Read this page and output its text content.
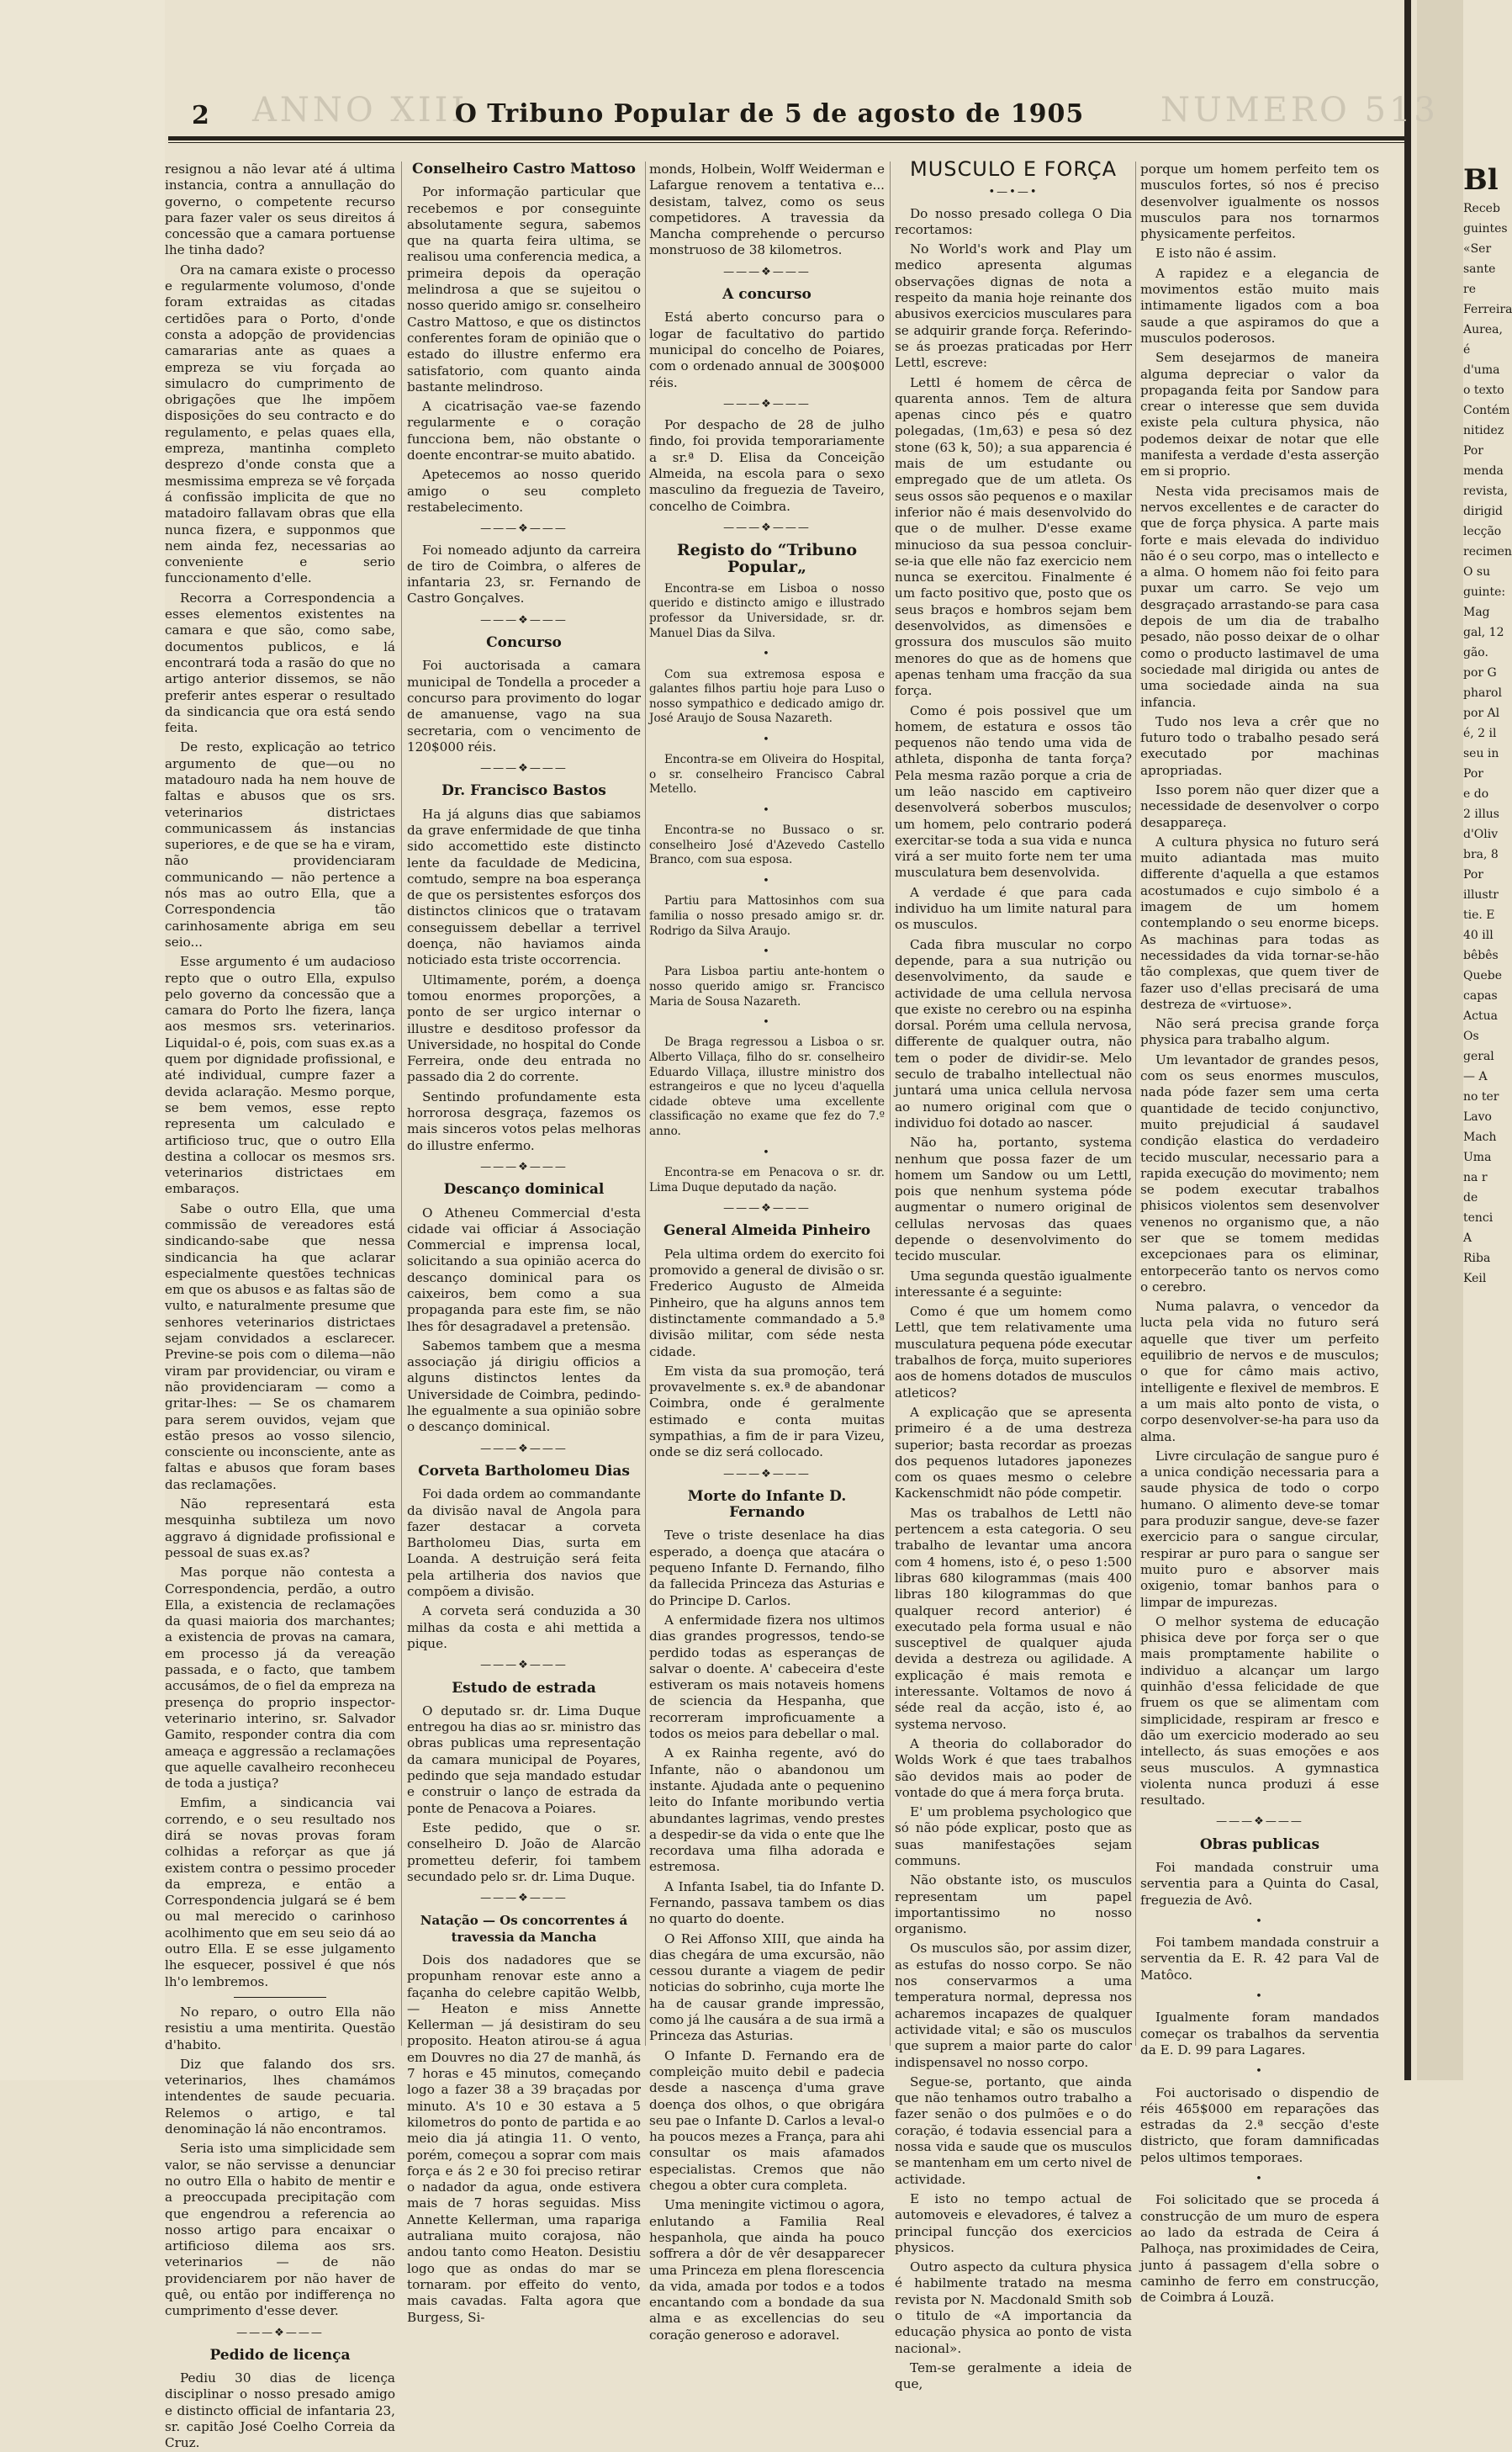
ANNO XIII	NUMERO 513
2	O Tribuno Popular de 5 de agosto de 1905

resignou a não levar até á ultima instancia, contra a annullação do governo, o competente recurso para fazer valer os seus direitos á concessão que a camara portuense lhe tinha dado?

Ora na camara existe o processo e regularmente volumoso, d'onde foram extraidas as citadas certidões para o Porto, d'onde consta a adopção de providencias camararias ante as quaes a empreza se viu forçada ao simulacro do cumprimento de obrigações que lhe impõem disposições do seu contracto e do regulamento, e pelas quaes ella, empreza, mantinha completo desprezo d'onde consta que a mesmissima empreza se vê forçada á confissão implicita de que no matadoiro fallavam obras que ella nunca fizera, e supponmos que nem ainda fez, necessarias ao conveniente e serio funccionamento d'elle.

Recorra a Correspondencia a esses elementos existentes na camara e que são, como sabe, documentos publicos, e lá encontrará toda a rasão do que no artigo anterior dissemos, se não preferir antes esperar o resultado da sindicancia que ora está sendo feita.

De resto, explicação ao tetrico argumento de que—ou no matadouro nada ha nem houve de faltas e abusos que os srs. veterinarios districtaes communicassem ás instancias superiores, e de que se ha e viram, não providenciaram communicando — não pertence a nós mas ao outro Ella, que a Correspondencia tão carinhosamente abriga em seu seio...

Esse argumento é um audacioso repto que o outro Ella, expulso pelo governo da concessão que a camara do Porto lhe fizera, lança aos mesmos srs. veterinarios. Liquidal-o é, pois, com suas ex.as a quem por dignidade profissional, e até individual, cumpre fazer a devida aclaração. Mesmo porque, se bem vemos, esse repto representa um calculado e artificioso truc, que o outro Ella destina a collocar os mesmos srs. veterinarios districtaes em embaraços.

Sabe o outro Ella, que uma commissão de vereadores está sindicando-sabe que nessa sindicancia ha que aclarar especialmente questões technicas em que os abusos e as faltas são de vulto, e naturalmente presume que senhores veterinarios districtaes sejam convidados a esclarecer. Previne-se pois com o dilema—não viram par providenciar, ou viram e não providenciaram — como a gritar-lhes: — Se os chamarem para serem ouvidos, vejam que estão presos ao vosso silencio, consciente ou inconsciente, ante as faltas e abusos que foram bases das reclamações.

Não representará esta mesquinha subtileza um novo aggravo á dignidade profissional e pessoal de suas ex.as?

Mas porque não contesta a Correspondencia, perdão, a outro Ella, a existencia de reclamações da quasi maioria dos marchantes; a existencia de provas na camara, em processo já da vereação passada, e o facto, que tambem accusámos, de o fiel da empreza na presença do proprio inspector-veterinario interino, sr. Salvador Gamito, responder contra dia com ameaça e aggressão a reclamações que aquelle cavalheiro reconheceu de toda a justiça?

Emfim, a sindicancia vai correndo, e o seu resultado nos dirá se novas provas foram colhidas a reforçar as que já existem contra o pessimo proceder da empreza, e então a Correspondencia julgará se é bem ou mal merecido o carinhoso acolhimento que em seu seio dá ao outro Ella. E se esse julgamento lhe esquecer, possivel é que nós lh'o lembremos.

No reparo, o outro Ella não resistiu a uma mentirita. Questão d'habito.

Diz que falando dos srs. veterinarios, lhes chamámos intendentes de saude pecuaria. Relemos o artigo, e tal denominação lá não encontramos.

Seria isto uma simplicidade sem valor, se não servisse a denunciar no outro Ella o habito de mentir e a preoccupada precipitação com que engendrou a referencia ao nosso artigo para encaixar o artificioso dilema aos srs. veterinarios — de não providenciarem por não haver de quê, ou então por indifferença no cumprimento d'esse dever.

———❖———
Pedido de licença

Pediu 30 dias de licença disciplinar o nosso presado amigo e distincto official de infantaria 23, sr. capitão José Coelho Correia da Cruz.

Conselheiro Castro Mattoso

Por informação particular que recebemos e por conseguinte absolutamente segura, sabemos que na quarta feira ultima, se realisou uma conferencia medica, a primeira depois da operação melindrosa a que se sujeitou o nosso querido amigo sr. conselheiro Castro Mattoso, e que os distinctos conferentes foram de opinião que o estado do illustre enfermo era satisfatorio, com quanto ainda bastante melindroso.

A cicatrisação vae-se fazendo regularmente e o coração funcciona bem, não obstante o doente encontrar-se muito abatido.

Apetecemos ao nosso querido amigo o seu completo restabelecimento.

———❖———

Foi nomeado adjunto da carreira de tiro de Coimbra, o alferes de infantaria 23, sr. Fernando de Castro Gonçalves.

———❖———
Concurso

Foi auctorisada a camara municipal de Tondella a proceder a concurso para provimento do logar de amanuense, vago na sua secretaria, com o vencimento de 120$000 réis.

———❖———
Dr. Francisco Bastos

Ha já alguns dias que sabiamos da grave enfermidade de que tinha sido accomettido este distincto lente da faculdade de Medicina, comtudo, sempre na boa esperança de que os persistentes esforços dos distinctos clinicos que o tratavam conseguissem debellar a terrivel doença, não haviamos ainda noticiado esta triste occorrencia.

Ultimamente, porém, a doença tomou enormes proporções, a ponto de ser urgico internar o illustre e desditoso professor da Universidade, no hospital do Conde Ferreira, onde deu entrada no passado dia 2 do corrente.

Sentindo profundamente esta horrorosa desgraça, fazemos os mais sinceros votos pelas melhoras do illustre enfermo.

———❖———
Descanço dominical

O Atheneu Commercial d'esta cidade vai officiar á Associação Commercial e imprensa local, solicitando a sua opinião acerca do descanço dominical para os caixeiros, bem como a sua propaganda para este fim, se não lhes fôr desagradavel a pretensão.

Sabemos tambem que a mesma associação já dirigiu officios a alguns distinctos lentes da Universidade de Coimbra, pedindo-lhe egualmente a sua opinião sobre o descanço dominical.

———❖———
Corveta Bartholomeu Dias

Foi dada ordem ao commandante da divisão naval de Angola para fazer destacar a corveta Bartholomeu Dias, surta em Loanda. A destruição será feita pela artilheria dos navios que compõem a divisão.

A corveta será conduzida a 30 milhas da costa e ahi mettida a pique.

———❖———
Estudo de estrada

O deputado sr. dr. Lima Duque entregou ha dias ao sr. ministro das obras publicas uma representação da camara municipal de Poyares, pedindo que seja mandado estudar e construir o lanço de estrada da ponte de Penacova a Poiares.

Este pedido, que o sr. conselheiro D. João de Alarcão prometteu deferir, foi tambem secundado pelo sr. dr. Lima Duque.

———❖———
Natação — Os concorrentes á travessia da Mancha

Dois dos nadadores que se propunham renovar este anno a façanha do celebre capitão Welbb, — Heaton e miss Annette Kellerman — já desistiram do seu proposito. Heaton atirou-se á agua em Douvres no dia 27 de manhã, ás 7 horas e 45 minutos, começando logo a fazer 38 a 39 braçadas por minuto. A's 10 e 30 estava a 5 kilometros do ponto de partida e ao meio dia já atingia 11. O vento, porém, começou a soprar com mais força e ás 2 e 30 foi preciso retirar o nadador da agua, onde estivera mais de 7 horas seguidas. Miss Annette Kellerman, uma rapariga autraliana muito corajosa, não andou tanto como Heaton. Desistiu logo que as ondas do mar se tornaram. por effeito do vento, mais cavadas. Falta agora que Burgess, Si-

monds, Holbein, Wolff Weiderman e Lafargue renovem a tentativa e... desistam, talvez, como os seus competidores. A travessia da Mancha comprehende o percurso monstruoso de 38 kilometros.

———❖———
A concurso

Está aberto concurso para o logar de facultativo do partido municipal do concelho de Poiares, com o ordenado annual de 300$000 réis.

———❖———

Por despacho de 28 de julho findo, foi provida temporariamente a sr.ª D. Elisa da Conceição Almeida, na escola para o sexo masculino da freguezia de Taveiro, concelho de Coimbra.

———❖———
Registo do “Tribuno Popular„

Encontra-se em Lisboa o nosso querido e distincto amigo e illustrado professor da Universidade, sr. dr. Manuel Dias da Silva.

•

Com sua extremosa esposa e galantes filhos partiu hoje para Luso o nosso sympathico e dedicado amigo dr. José Araujo de Sousa Nazareth.

•

Encontra-se em Oliveira do Hospital, o sr. conselheiro Francisco Cabral Metello.

•

Encontra-se no Bussaco o sr. conselheiro José d'Azevedo Castello Branco, com sua esposa.

•

Partiu para Mattosinhos com sua familia o nosso presado amigo sr. dr. Rodrigo da Silva Araujo.

•

Para Lisboa partiu ante-hontem o nosso querido amigo sr. Francisco Maria de Sousa Nazareth.

•

De Braga regressou a Lisboa o sr. Alberto Villaça, filho do sr. conselheiro Eduardo Villaça, illustre ministro dos estrangeiros e que no lyceu d'aquella cidade obteve uma excellente classificação no exame que fez do 7.º anno.

•

Encontra-se em Penacova o sr. dr. Lima Duque deputado da nação.

———❖———
General Almeida Pinheiro

Pela ultima ordem do exercito foi promovido a general de divisão o sr. Frederico Augusto de Almeida Pinheiro, que ha alguns annos tem distinctamente commandado a 5.ª divisão militar, com séde nesta cidade.

Em vista da sua promoção, terá provavelmente s. ex.ª de abandonar Coimbra, onde é geralmente estimado e conta muitas sympathias, a fim de ir para Vizeu, onde se diz será collocado.

———❖———
Morte do Infante D. Fernando

Teve o triste desenlace ha dias esperado, a doença que atacára o pequeno Infante D. Fernando, filho da fallecida Princeza das Asturias e do Principe D. Carlos.

A enfermidade fizera nos ultimos dias grandes progressos, tendo-se perdido todas as esperanças de salvar o doente. A' cabeceira d'este estiveram os mais notaveis homens de sciencia da Hespanha, que recorreram improficuamente a todos os meios para debellar o mal.

A ex Rainha regente, avó do Infante, não o abandonou um instante. Ajudada ante o pequenino leito do Infante moribundo vertia abundantes lagrimas, vendo prestes a despedir-se da vida o ente que lhe recordava uma filha adorada e estremosa.

A Infanta Isabel, tia do Infante D. Fernando, passava tambem os dias no quarto do doente.

O Rei Affonso XIII, que ainda ha dias chegára de uma excursão, não cessou durante a viagem de pedir noticias do sobrinho, cuja morte lhe ha de causar grande impressão, como já lhe causára a de sua irmã a Princeza das Asturias.

O Infante D. Fernando era de compleição muito debil e padecia desde a nascença d'uma grave doença dos olhos, o que obrigára seu pae o Infante D. Carlos a leval-o ha poucos mezes a França, para ahi consultar os mais afamados especialistas. Cremos que não chegou a obter cura completa.

Uma meningite victimou o agora, enlutando a Familia Real hespanhola, que ainda ha pouco soffrera a dôr de vêr desapparecer uma Princeza em plena florescencia da vida, amada por todos e a todos encantando com a bondade da sua alma e as excellencias do seu coração generoso e adoravel.

MUSCULO E FORÇA
•—•—•

Do nosso presado collega O Dia recortamos:

No World's work and Play um medico apresenta algumas observações dignas de nota a respeito da mania hoje reinante dos abusivos exercicios musculares para se adquirir grande força. Referindo-se ás proezas praticadas por Herr Lettl, escreve:

Lettl é homem de cêrca de quarenta annos. Tem de altura apenas cinco pés e quatro polegadas, (1m,63) e pesa só dez stone (63 k, 50); a sua apparencia é mais de um estudante ou empregado que de um atleta. Os seus ossos são pequenos e o maxilar inferior não é mais desenvolvido do que o de mulher. D'esse exame minucioso da sua pessoa concluir-se-ia que elle não faz exercicio nem nunca se exercitou. Finalmente é um facto positivo que, posto que os seus braços e hombros sejam bem desenvolvidos, as dimensões e grossura dos musculos são muito menores do que as de homens que apenas tenham uma fracção da sua força.

Como é pois possivel que um homem, de estatura e ossos tão pequenos não tendo uma vida de athleta, disponha de tanta força? Pela mesma razão porque a cria de um leão nascido em captiveiro desenvolverá soberbos musculos; um homem, pelo contrario poderá exercitar-se toda a sua vida e nunca virá a ser muito forte nem ter uma musculatura bem desenvolvida.

A verdade é que para cada individuo ha um limite natural para os musculos.

Cada fibra muscular no corpo depende, para a sua nutrição ou desenvolvimento, da saude e actividade de uma cellula nervosa que existe no cerebro ou na espinha dorsal. Porém uma cellula nervosa, differente de qualquer outra, não tem o poder de dividir-se. Melo seculo de trabalho intellectual não juntará uma unica cellula nervosa ao numero original com que o individuo foi dotado ao nascer.

Não ha, portanto, systema nenhum que possa fazer de um homem um Sandow ou um Lettl, pois que nenhum systema póde augmentar o numero original de cellulas nervosas das quaes depende o desenvolvimento do tecido muscular.

Uma segunda questão igualmente interessante é a seguinte:

Como é que um homem como Lettl, que tem relativamente uma musculatura pequena póde executar trabalhos de força, muito superiores aos de homens dotados de musculos atleticos?

A explicação que se apresenta primeiro é a de uma destreza superior; basta recordar as proezas dos pequenos lutadores japonezes com os quaes mesmo o celebre Kackenschmidt não póde competir.

Mas os trabalhos de Lettl não pertencem a esta categoria. O seu trabalho de levantar uma ancora com 4 homens, isto é, o peso 1:500 libras 680 kilogrammas (mais 400 libras 180 kilogrammas do que qualquer record anterior) é executado pela forma usual e não susceptivel de qualquer ajuda devida a destreza ou agilidade. A explicação é mais remota e interessante. Voltamos de novo á séde real da acção, isto é, ao systema nervoso.

A theoria do collaborador do Wolds Work é que taes trabalhos são devidos mais ao poder de vontade do que á mera força bruta.

E' um problema psychologico que só não póde explicar, posto que as suas manifestações sejam communs.

Não obstante isto, os musculos representam um papel importantissimo no nosso organismo.

Os musculos são, por assim dizer, as estufas do nosso corpo. Se não nos conservarmos a uma temperatura normal, depressa nos acharemos incapazes de qualquer actividade vital; e são os musculos que suprem a maior parte do calor indispensavel no nosso corpo.

Segue-se, portanto, que ainda que não tenhamos outro trabalho a fazer senão o dos pulmões e o do coração, é todavia essencial para a nossa vida e saude que os musculos se mantenham em um certo nivel de actividade.

E isto no tempo actual de automoveis e elevadores, é talvez a principal funcção dos exercicios physicos.

Outro aspecto da cultura physica é habilmente tratado na mesma revista por N. Macdonald Smith sob o titulo de «A importancia da educação physica ao ponto de vista nacional».

Tem-se geralmente a ideia de que,

porque um homem perfeito tem os musculos fortes, só nos é preciso desenvolver igualmente os nossos musculos para nos tornarmos physicamente perfeitos.

E isto não é assim.

A rapidez e a elegancia de movimentos estão muito mais intimamente ligados com a boa saude a que aspiramos do que a musculos poderosos.

Sem desejarmos de maneira alguma depreciar o valor da propaganda feita por Sandow para crear o interesse que sem duvida existe pela cultura physica, não podemos deixar de notar que elle manifesta a verdade d'esta asserção em si proprio.

Nesta vida precisamos mais de nervos excellentes e de caracter do que de força physica. A parte mais forte e mais elevada do individuo não é o seu corpo, mas o intellecto e a alma. O homem não foi feito para puxar um carro. Se vejo um desgraçado arrastando-se para casa depois de um dia de trabalho pesado, não posso deixar de o olhar como o producto lastimavel de uma sociedade mal dirigida ou antes de uma sociedade ainda na sua infancia.

Tudo nos leva a crêr que no futuro todo o trabalho pesado será executado por machinas apropriadas.

Isso porem não quer dizer que a necessidade de desenvolver o corpo desappareça.

A cultura physica no futuro será muito adiantada mas muito differente d'aquella a que estamos acostumados e cujo simbolo é a imagem de um homem contemplando o seu enorme biceps. As machinas para todas as necessidades da vida tornar-se-hão tão complexas, que quem tiver de fazer uso d'ellas precisará de uma destreza de «virtuose».

Não será precisa grande força physica para trabalho algum.

Um levantador de grandes pesos, com os seus enormes musculos, nada póde fazer sem uma certa quantidade de tecido conjunctivo, muito prejudicial á saudavel condição elastica do verdadeiro tecido muscular, necessario para a rapida execução do movimento; nem se podem executar trabalhos phisicos violentos sem desenvolver venenos no organismo que, a não ser que se tomem medidas excepcionaes para os eliminar, entorpecerão tanto os nervos como o cerebro.

Numa palavra, o vencedor da lucta pela vida no futuro será aquelle que tiver um perfeito equilibrio de nervos e de musculos; o que for câmo mais activo, intelligente e flexivel de membros. E a um mais alto ponto de vista, o corpo desenvolver-se-ha para uso da alma.

Livre circulação de sangue puro é a unica condição necessaria para a saude physica de todo o corpo humano. O alimento deve-se tomar para produzir sangue, deve-se fazer exercicio para o sangue circular, respirar ar puro para o sangue ser muito puro e absorver mais oxigenio, tomar banhos para o limpar de impurezas.

O melhor systema de educação phisica deve por força ser o que mais promptamente habilite o individuo a alcançar um largo quinhão d'essa felicidade de que fruem os que se alimentam com simplicidade, respiram ar fresco e dão um exercicio moderado ao seu intellecto, ás suas emoções e aos seus musculos. A gymnastica violenta nunca produzi á esse resultado.

———❖———
Obras publicas

Foi mandada construir uma serventia para a Quinta do Casal, freguezia de Avô.

•

Foi tambem mandada construir a serventia da E. R. 42 para Val de Matôco.

•

Igualmente foram mandados começar os trabalhos da serventia da E. D. 99 para Lagares.

•

Foi auctorisado o dispendio de réis 465$000 em reparações das estradas da 2.ª secção d'este districto, que foram damnificadas pelos ultimos temporaes.

•

Foi solicitado que se proceda á construcção de um muro de espera ao lado da estrada de Ceira á Palhoça, nas proximidades de Ceira, junto á passagem d'ella sobre o caminho de ferro em construcção, de Coimbra á Louzã.

Bl
Receb
guintes
«Ser
sante re
Ferreira
Aurea,
é d'uma
o texto
Contém
nitidez
Por
menda
revista,
dirigid
lecção
recimen
O su
guinte:
Mag
gal, 12
gão.
por G
pharol
por Al
é, 2 il
seu in
Por
e do
2 illus
d'Oliv
bra, 8
Por
illustr
tie. E
40 ill
bêbês
Quebe
capas
Actua
Os
geral
— A
no ter
Lavo
Mach
Uma
na r
de
tenci
A
Riba
Keil
